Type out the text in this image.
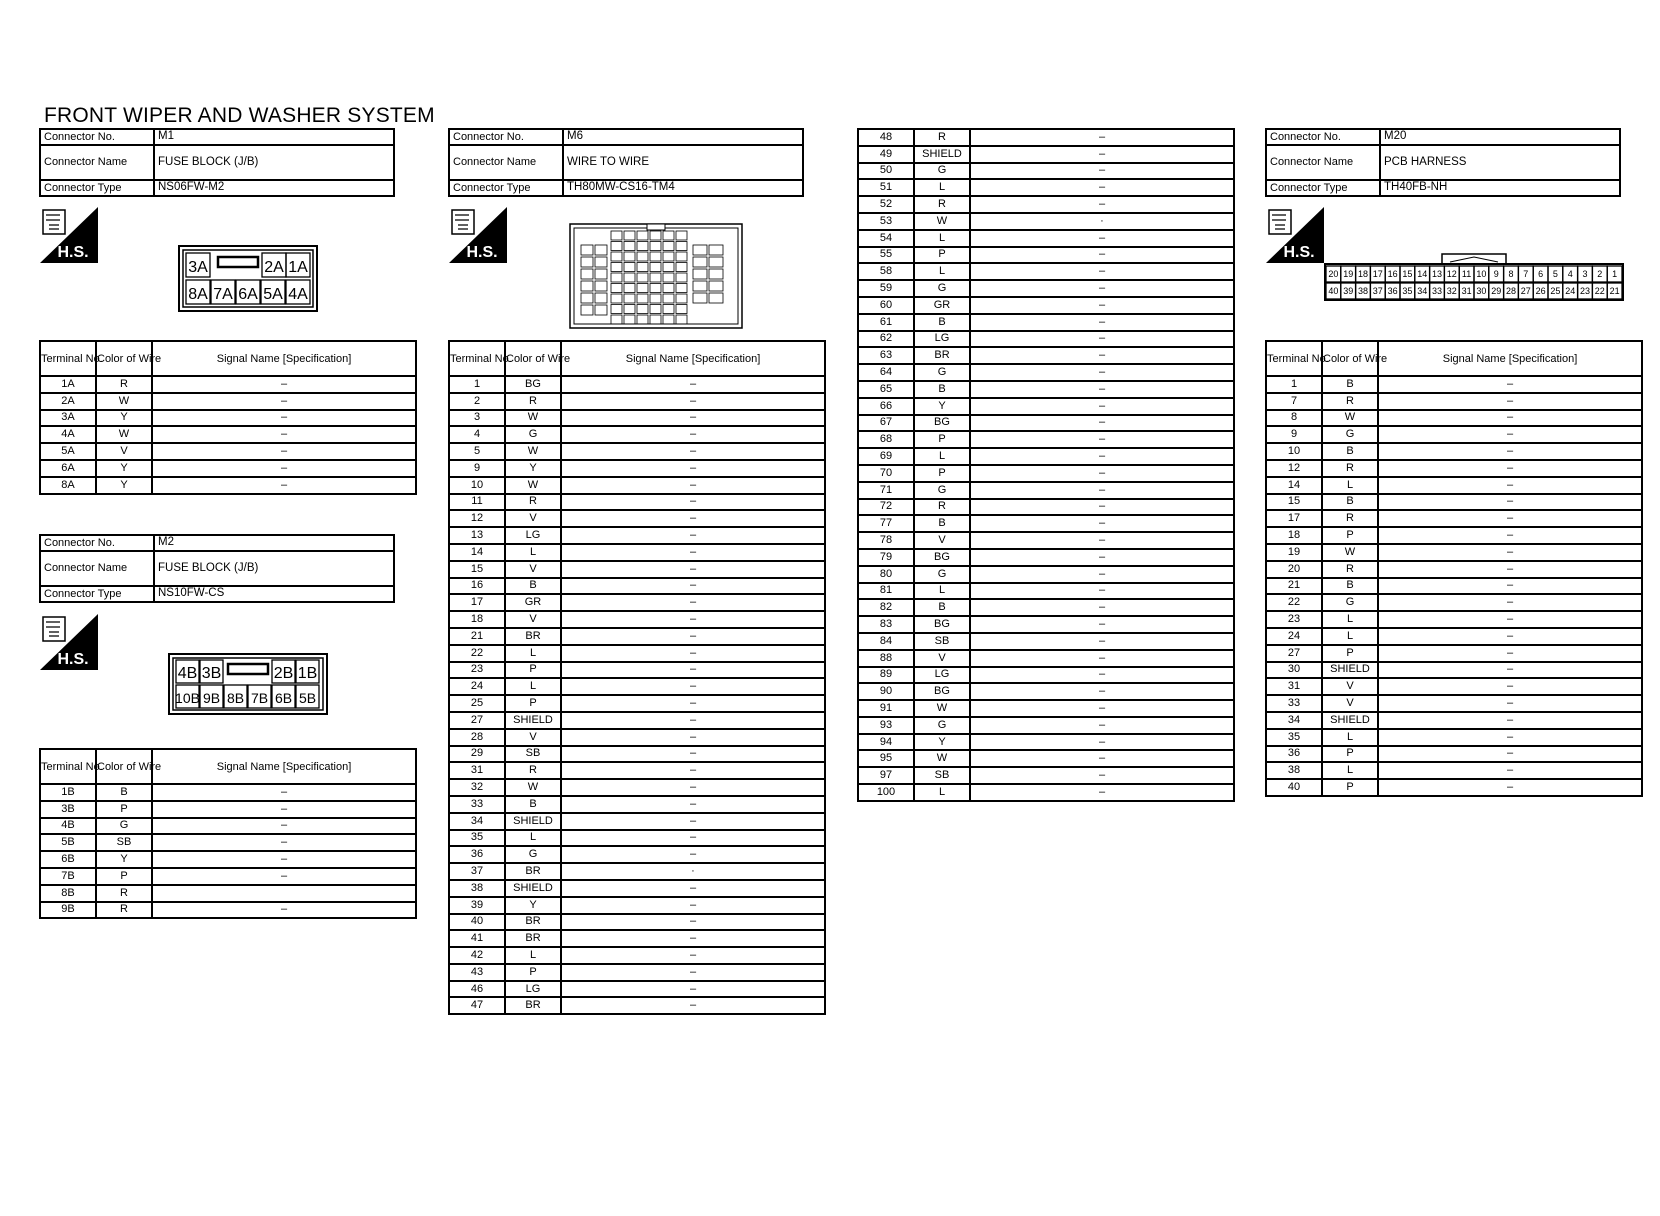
FRONT WIPER AND WASHER SYSTEM
Connector No.	M1
Connector Name	FUSE BLOCK (J/B)
Connector Type	NS06FW-M2
H.S.
3A	2A 1A
8A 7A 6A 5A 4A
Terminal No.	Color of Wire	Signal Name [Specification]
1A	R	–
2A	W	–
3A	Y	–
4A	W	–
5A	V	–
6A	Y	–
8A	Y	–
Connector No.	M2
Connector Name	FUSE BLOCK (J/B)
Connector Type	NS10FW-CS
H.S.
4B 3B	2B 1B
10B 9B 8B 7B 6B 5B
Terminal No.	Color of Wire	Signal Name [Specification]
1B	B	–
3B	P	–
4B	G	–
5B	SB	–
6B	Y	–
7B	P	–
8B	R	
9B	R	–
Connector No.	M6
Connector Name	WIRE TO WIRE
Connector Type	TH80MW-CS16-TM4
H.S.
Terminal No.	Color of Wire	Signal Name [Specification]
1	BG	–
2	R	–
3	W	–
4	G	–
5	W	–
9	Y	–
10	W	–
11	R	–
12	V	–
13	LG	–
14	L	–
15	V	–
16	B	–
17	GR	–
18	V	–
21	BR	–
22	L	–
23	P	–
24	L	–
25	P	–
27	SHIELD	–
28	V	–
29	SB	–
31	R	–
32	W	–
33	B	–
34	SHIELD	–
35	L	–
36	G	–
37	BR	·
38	SHIELD	–
39	Y	–
40	BR	–
41	BR	–
42	L	–
43	P	–
46	LG	–
47	BR	–
48	R	–
49	SHIELD	–
50	G	–
51	L	–
52	R	–
53	W	·
54	L	–
55	P	–
58	L	–
59	G	–
60	GR	–
61	B	–
62	LG	–
63	BR	–
64	G	–
65	B	–
66	Y	–
67	BG	–
68	P	–
69	L	–
70	P	–
71	G	–
72	R	–
77	B	–
78	V	–
79	BG	–
80	G	–
81	L	–
82	B	–
83	BG	–
84	SB	–
88	V	–
89	LG	–
90	BG	–
91	W	–
93	G	–
94	Y	–
95	W	–
97	SB	–
100	L	–
Connector No.	M20
Connector Name	PCB HARNESS
Connector Type	TH40FB-NH
H.S.
20 19 18 17 16 15 14 13 12 11 10 9 8 7 6 5 4 3 2 1
40 39 38 37 36 35 34 33 32 31 30 29 28 27 26 25 24 23 22 21
Terminal No.	Color of Wire	Signal Name [Specification]
1	B	–
7	R	–
8	W	–
9	G	–
10	B	–
12	R	–
14	L	–
15	B	–
17	R	–
18	P	–
19	W	–
20	R	–
21	B	–
22	G	–
23	L	–
24	L	–
27	P	–
30	SHIELD	–
31	V	–
33	V	–
34	SHIELD	–
35	L	–
36	P	–
38	L	–
40	P	–
